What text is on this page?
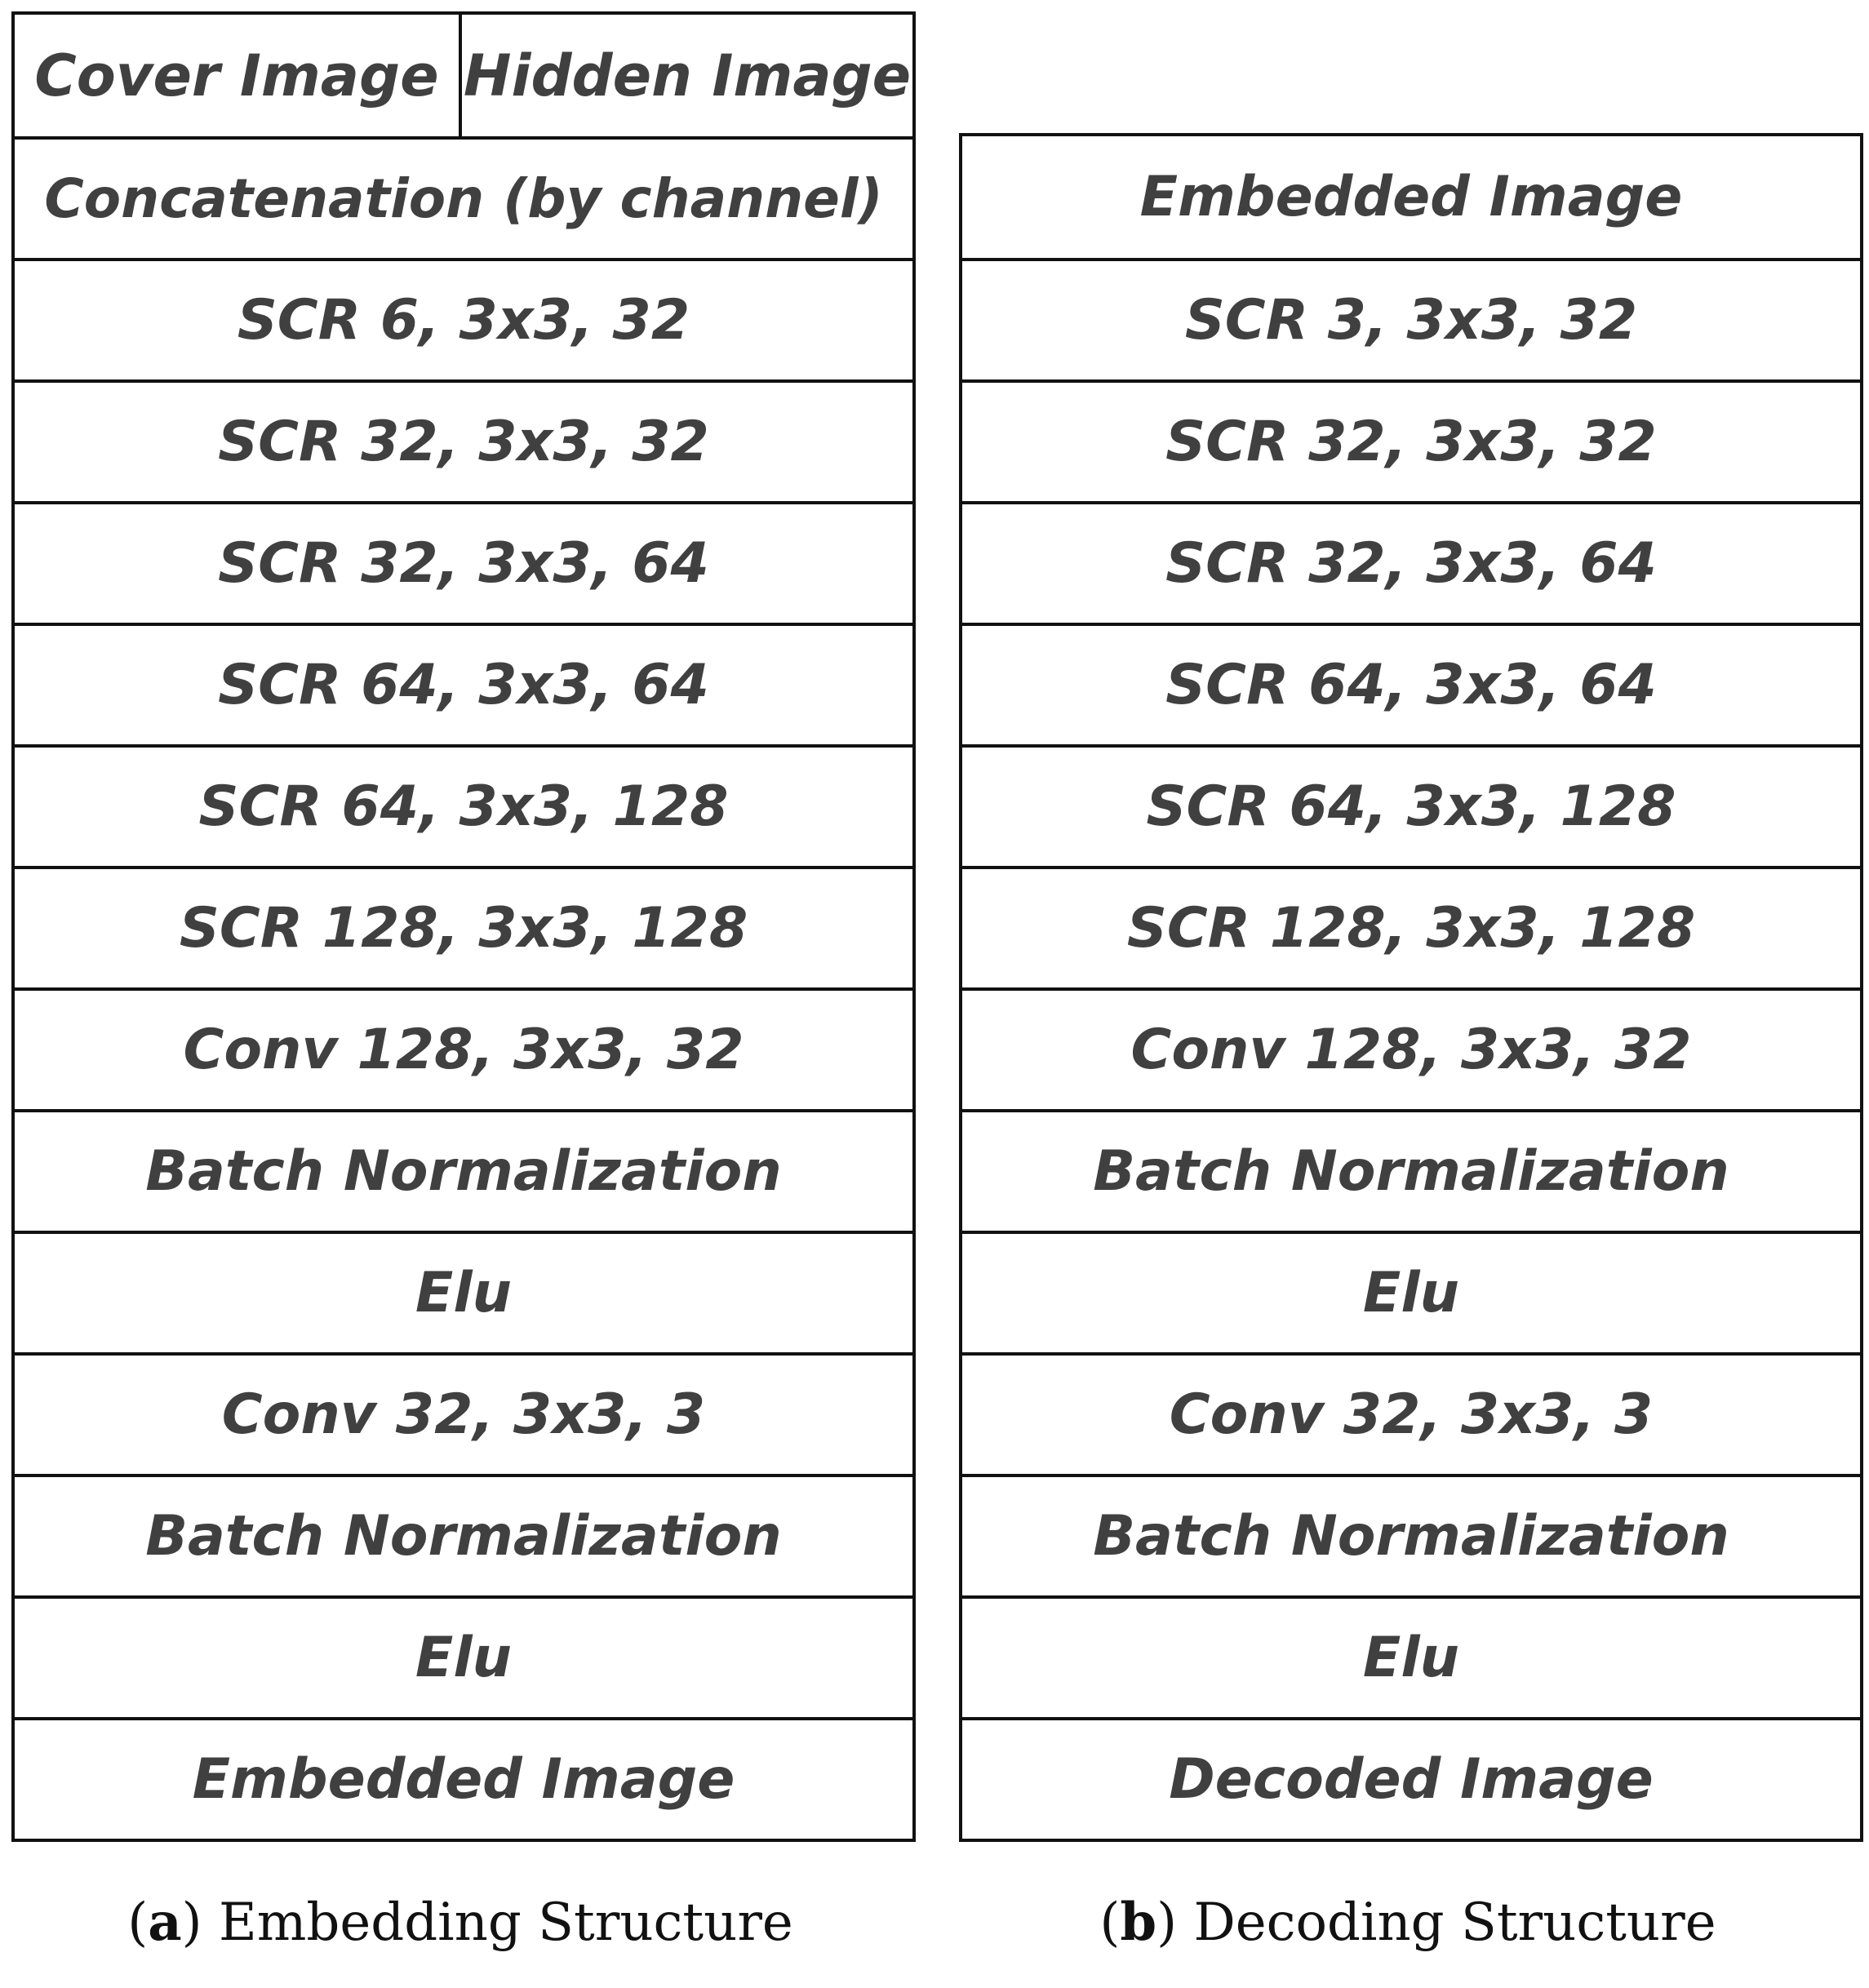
Cover Image Hidden Image
Concatenation (by channel)
SCR 6, 3x3, 32
SCR 32, 3x3, 32
SCR 32, 3x3, 64
SCR 64, 3x3, 64
SCR 64, 3x3, 128
SCR 128, 3x3, 128
Conv 128, 3x3, 32
Batch Normalization
Elu
Conv 32, 3x3, 3
Batch Normalization
Elu
Embedded Image
Embedded Image
SCR 3, 3x3, 32
SCR 32, 3x3, 32
SCR 32, 3x3, 64
SCR 64, 3x3, 64
SCR 64, 3x3, 128
SCR 128, 3x3, 128
Conv 128, 3x3, 32
Batch Normalization
Elu
Conv 32, 3x3, 3
Batch Normalization
Elu
Decoded Image
(a) Embedding Structure	(b) Decoding Structure
